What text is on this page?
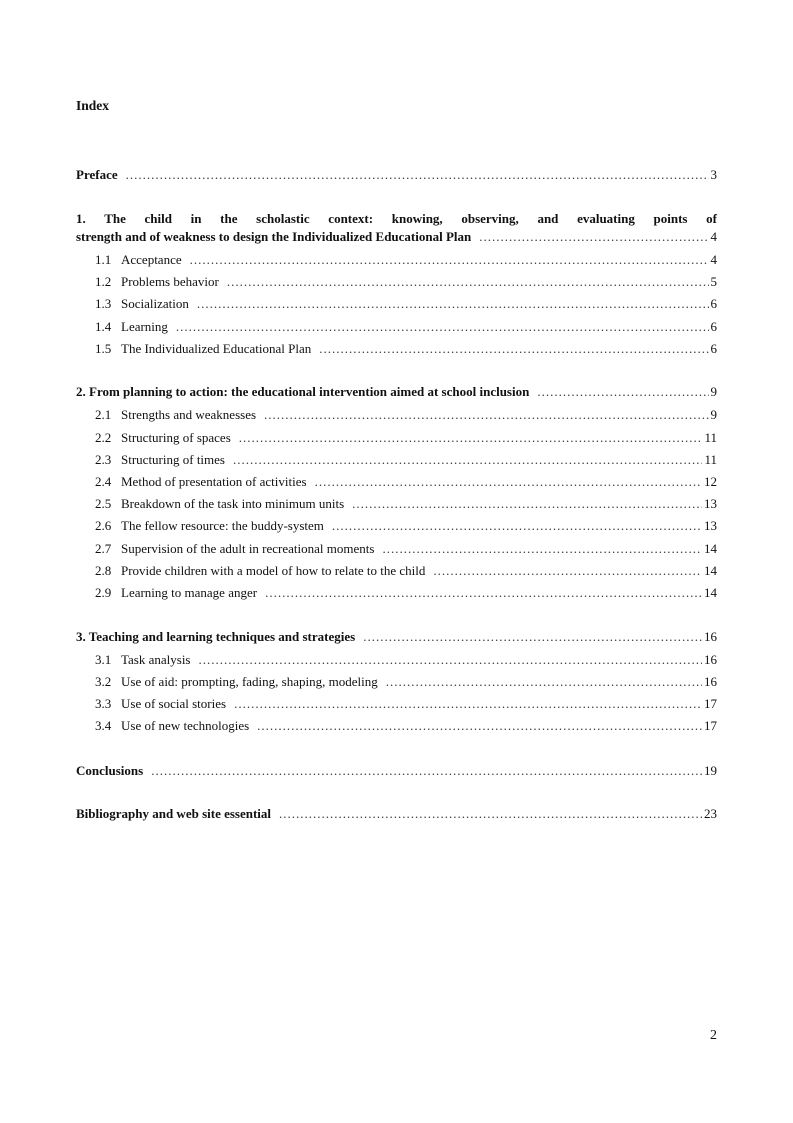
Index
Preface .....	3
1. The child in the scholastic context: knowing, observing, and evaluating points of
strength and of weakness to design the Individualized Educational Plan .....	4
1.1 Acceptance .....	4
1.2 Problems behavior .....	5
1.3 Socialization .....	6
1.4 Learning .....	6
1.5 The Individualized Educational Plan .....	6
2. From planning to action: the educational intervention aimed at school inclusion .....	9
2.1 Strengths and weaknesses .....	9
2.2 Structuring of spaces .....	11
2.3 Structuring of times .....	11
2.4 Method of presentation of activities .....	12
2.5 Breakdown of the task into minimum units .....	13
2.6 The fellow resource: the buddy-system .....	13
2.7 Supervision of the adult in recreational moments .....	14
2.8 Provide children with a model of how to relate to the child .....	14
2.9 Learning to manage anger .....	14
3. Teaching and learning techniques and strategies .....	16
3.1 Task analysis .....	16
3.2 Use of aid: prompting, fading, shaping, modeling .....	16
3.3 Use of social stories .....	17
3.4 Use of new technologies .....	17
Conclusions .....	19
Bibliography and web site essential .....	23
2
